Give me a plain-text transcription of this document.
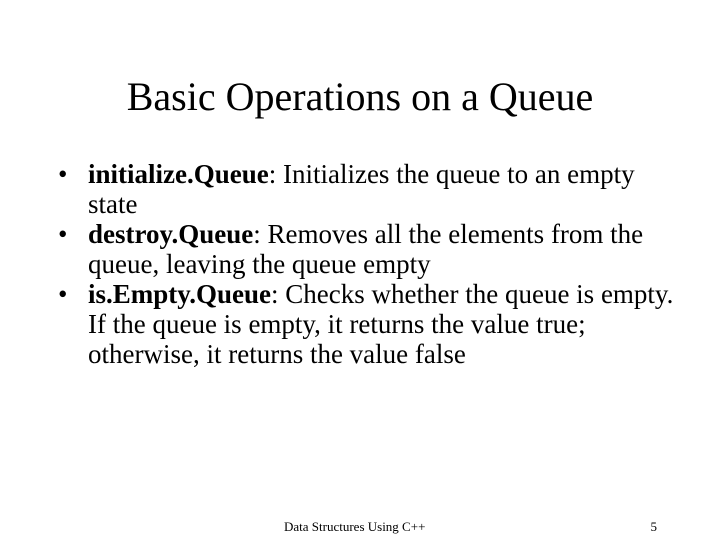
Basic Operations on a Queue
• initialize.Queue: Initializes the queue to an empty state
• destroy.Queue: Removes all the elements from the queue, leaving the queue empty
• is.Empty.Queue: Checks whether the queue is empty. If the queue is empty, it returns the value true; otherwise, it returns the value false
Data Structures Using C++	5
